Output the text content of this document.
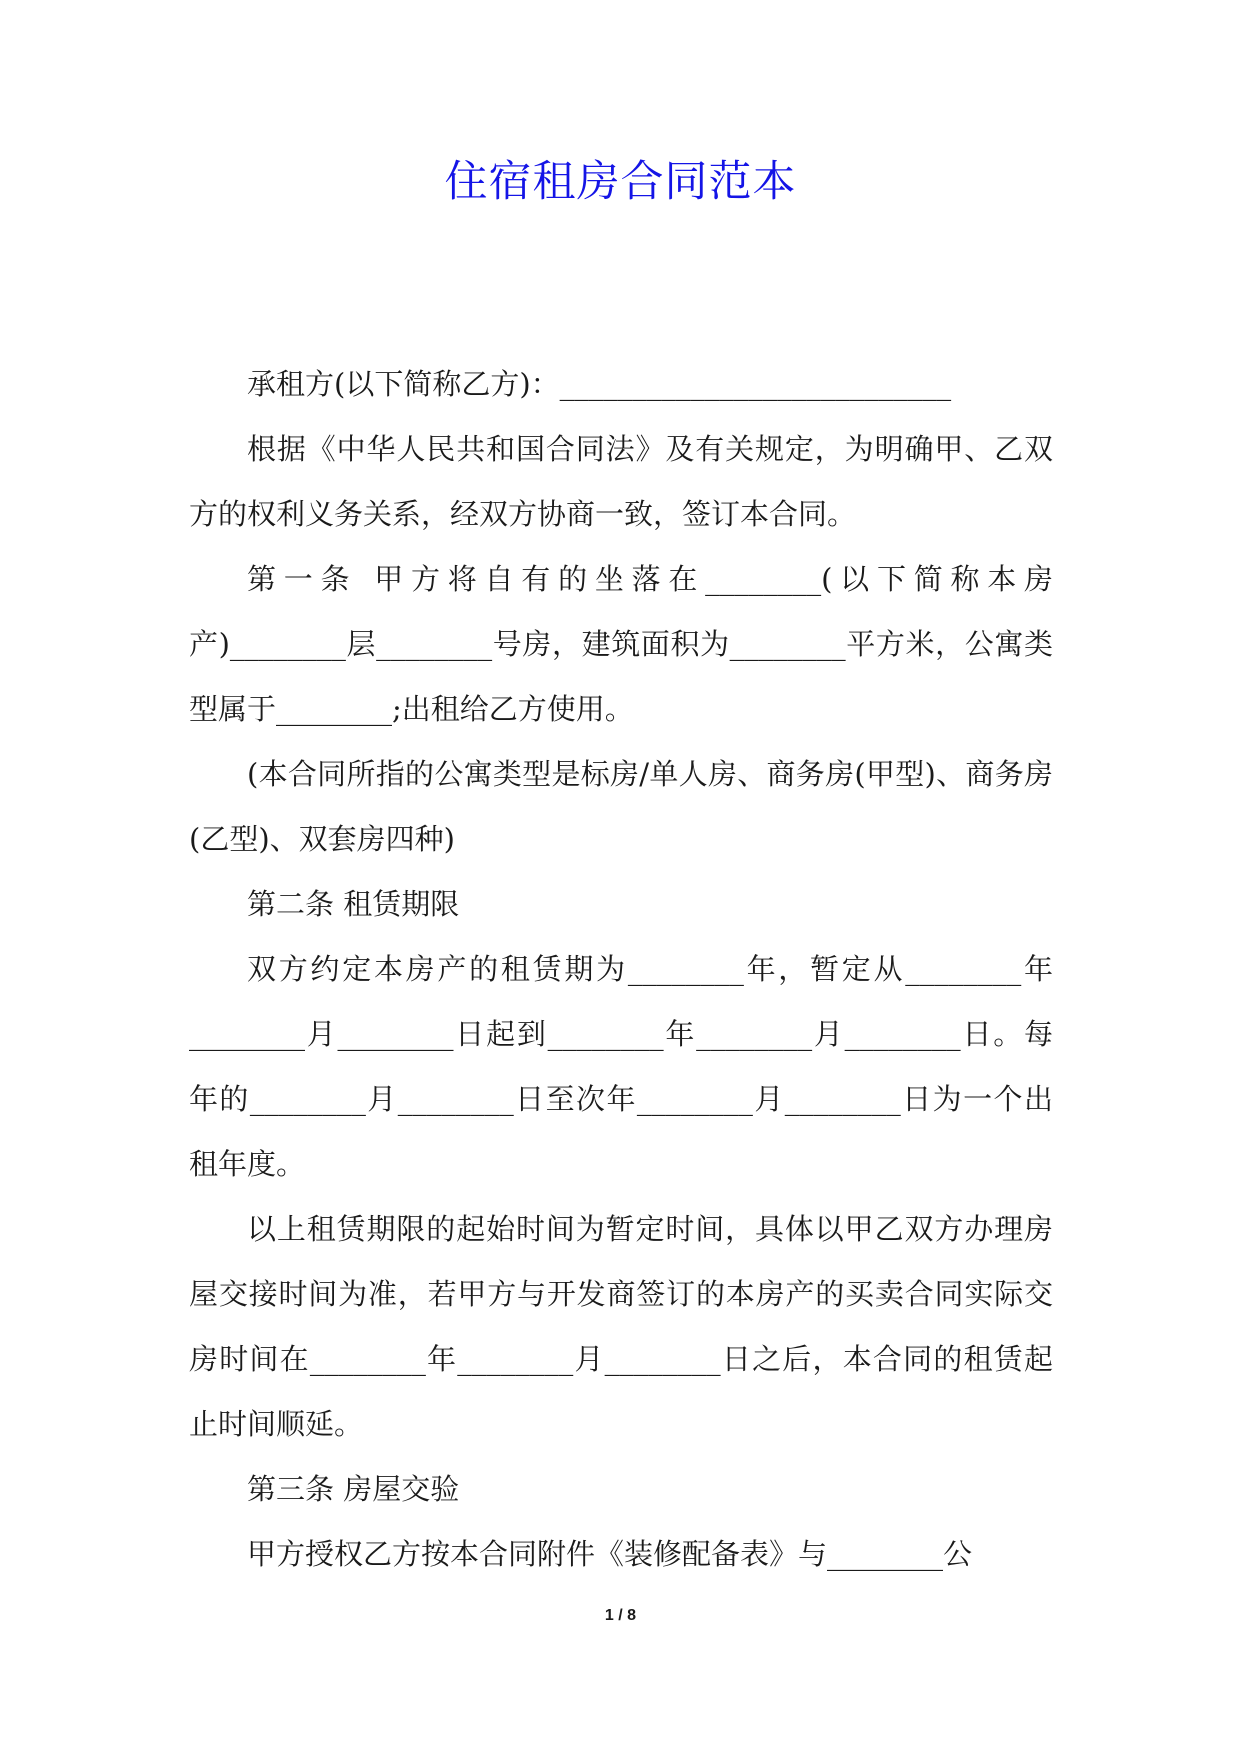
住宿租房合同范本

承租方(以下简称乙方)：___________________________

根据《中华人民共和国合同法》及有关规定，为明确甲、乙双方的权利义务关系，经双方协商一致，签订本合同。

第一条 甲方将自有的坐落在________(以下简称本房产)________层________号房，建筑面积为________平方米，公寓类型属于________;出租给乙方使用。

(本合同所指的公寓类型是标房/单人房、商务房(甲型)、商务房(乙型)、双套房四种)

第二条 租赁期限

双方约定本房产的租赁期为________年，暂定从________年________月________日起到________年________月________日。每年的________月________日至次年________月________日为一个出租年度。

以上租赁期限的起始时间为暂定时间，具体以甲乙双方办理房屋交接时间为准，若甲方与开发商签订的本房产的买卖合同实际交房时间在________年________月________日之后，本合同的租赁起止时间顺延。

第三条 房屋交验

甲方授权乙方按本合同附件《装修配备表》与________公

1 / 8
